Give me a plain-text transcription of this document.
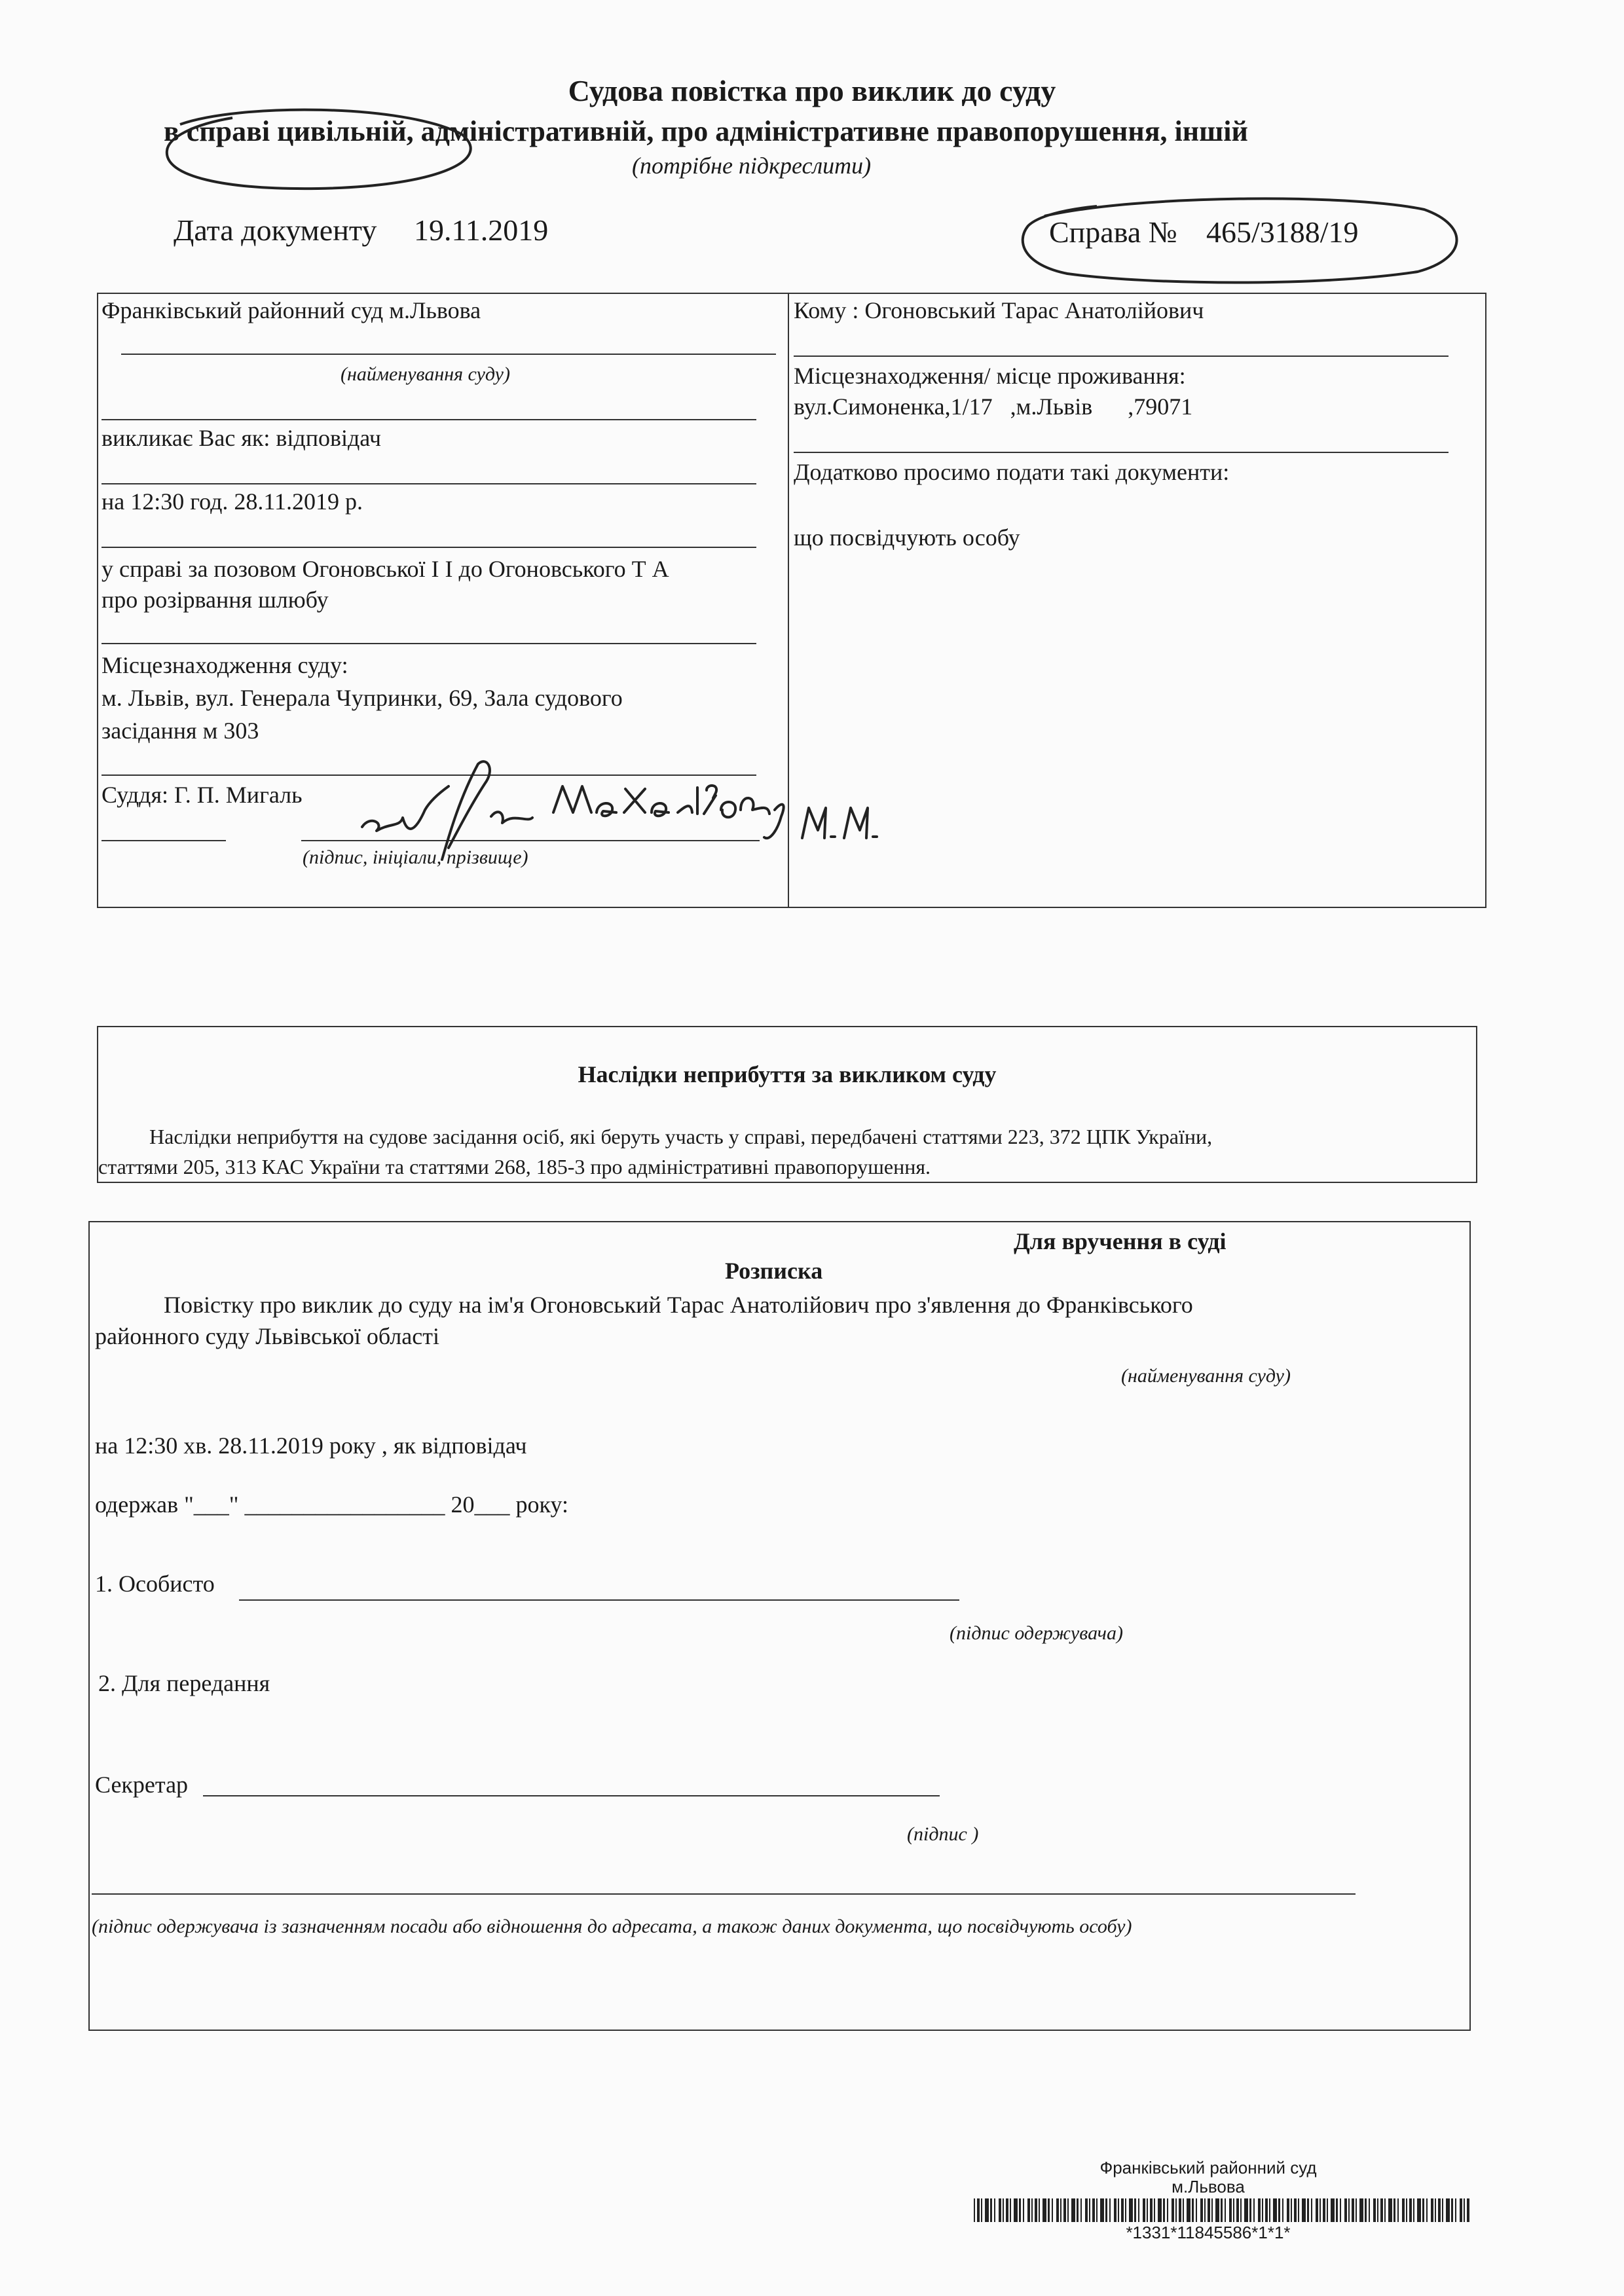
Судова повістка про виклик до суду
в справі цивільній, адміністративній, про адміністративне правопорушення, іншій
(потрібне підкреслити)
Дата документу 19.11.2019	Справа № 465/3188/19
Франківський районний суд м.Львова
(найменування суду)
викликає Вас як: відповідач
на 12:30 год. 28.11.2019 р.
у справі за позовом Огоновської І І до Огоновського Т А
про розірвання шлюбу
Місцезнаходження суду:
м. Львів, вул. Генерала Чупринки, 69, Зала судового
засідання м 303
Суддя: Г. П. Мигаль
(підпис, ініціали, прізвище)
Кому : Огоновський Тарас Анатолійович
Місцезнаходження/ місце проживання:
вул.Симоненка,1/17   ,м.Львів      ,79071
Додатково просимо подати такі документи:
що посвідчують особу
Наслідки неприбуття за викликом суду
Наслідки неприбуття на судове засідання осіб, які беруть участь у справі, передбачені статтями 223, 372 ЦПК України,
статтями 205, 313 КАС України та статтями 268, 185-3 про адміністративні правопорушення.
Для вручення в суді
Розписка
Повістку про виклик до суду на ім'я Огоновський Тарас Анатолійович про з'явлення до Франківського
районного суду Львівської області
(найменування суду)
на 12:30 хв. 28.11.2019 року , як відповідач
одержав "___" _________________ 20___ року:
1. Особисто
(підпис одержувача)
2. Для передання
Секретар
(підпис )
(підпис одержувача із зазначенням посади або відношення до адресата, а також даних документа, що посвідчують особу)
Франківський районний суд
м.Львова
*1331*11845586*1*1*
